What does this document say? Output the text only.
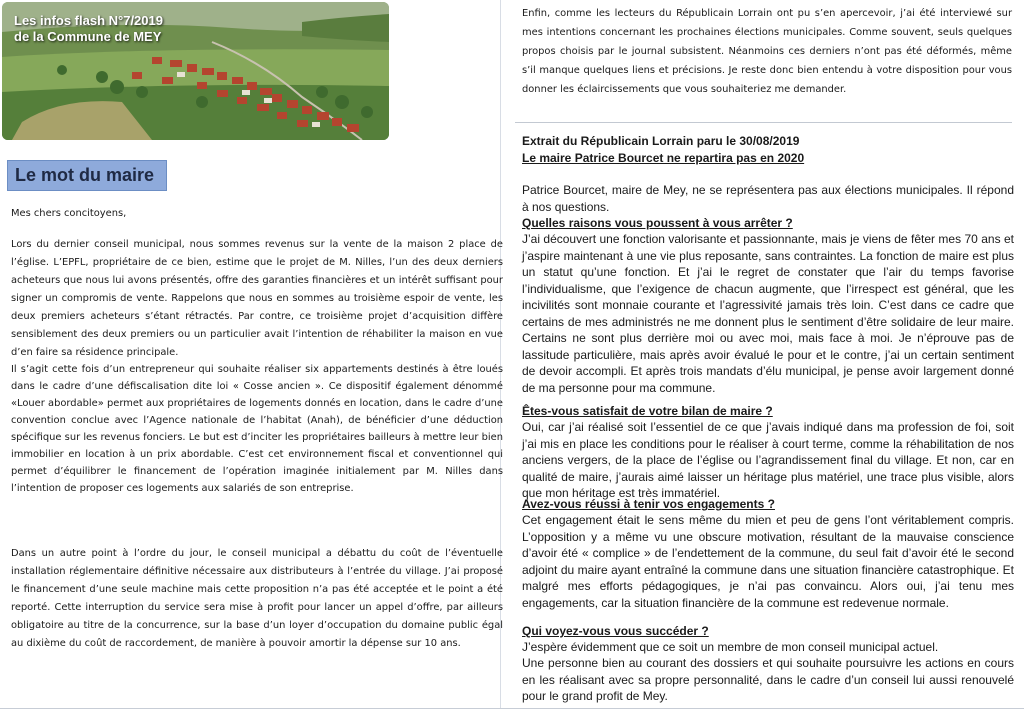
Les infos flash N°7/2019
de la Commune de MEY

Le mot du maire

Mes chers concitoyens,

Lors du dernier conseil municipal, nous sommes revenus sur la vente de la maison 2 place de l’église. L’EPFL, propriétaire de ce bien, estime que le projet de M. Nilles, l’un des deux derniers acheteurs que nous lui avons présentés, offre des garanties financières et un intérêt suffisant pour signer un compromis de vente. Rappelons que nous en sommes au troisième espoir de vente, les deux premiers acheteurs s’étant rétractés. Par contre, ce troisième projet d’acquisition diffère sensiblement des deux premiers ou un particulier avait l’intention de réhabiliter la maison en vue d’en faire sa résidence principale.

Il s’agit cette fois d’un entrepreneur qui souhaite réaliser six appartements destinés à être loués dans le cadre d’une défiscalisation dite loi « Cosse ancien ». Ce dispositif également dénommé «Louer abordable» permet aux propriétaires de logements donnés en location, dans le cadre d’une convention conclue avec l’Agence nationale de l’habitat (Anah), de bénéficier d’une déduction spécifique sur les revenus fonciers. Le but est d’inciter les propriétaires bailleurs à mettre leur bien immobilier en location à un prix abordable. C’est cet environnement fiscal et conventionnel qui permet d’équilibrer le financement de l’opération imaginée initialement par M. Nilles dans l’intention de proposer ces logements aux salariés de son entreprise.

Dans un autre point à l’ordre du jour, le conseil municipal a débattu du coût de l’éventuelle installation réglementaire définitive nécessaire aux distributeurs à l’entrée du village. J’ai proposé le financement d’une seule machine mais cette proposition n’a pas été acceptée et le point a été reporté. Cette interruption du service sera mise à profit pour lancer un appel d’offre, par ailleurs obligatoire au titre de la concurrence, sur la base d’un loyer d’occupation du domaine public égal au dixième du coût de raccordement, de manière à pouvoir amortir la dépense sur 10 ans.

Enfin, comme les lecteurs du Républicain Lorrain ont pu s’en apercevoir, j’ai été interviewé sur mes intentions concernant les prochaines élections municipales. Comme souvent, seuls quelques propos choisis par le journal subsistent. Néanmoins ces derniers n’ont pas été déformés, même s’il manque quelques liens et précisions. Je reste donc bien entendu à votre disposition pour vous donner les éclaircissements que vous souhaiteriez me demander.

Extrait du Républicain Lorrain paru le 30/08/2019

Le maire Patrice Bourcet ne repartira pas en 2020

Patrice Bourcet, maire de Mey, ne se représentera pas aux élections municipales. Il répond à nos questions.

Quelles raisons vous poussent à vous arrêter ?

J’ai découvert une fonction valorisante et passionnante, mais je viens de fêter mes 70 ans et j’aspire maintenant à une vie plus reposante, sans contraintes. La fonction de maire est plus un statut qu’une fonction. Et j’ai le regret de constater que l’air du temps favorise l’individualisme, que l’exigence de chacun augmente, que l’irrespect est général, que les incivilités sont monnaie courante et l’agressivité jamais très loin. C’est dans ce cadre que certains de mes administrés ne me donnent plus le sentiment d’être solidaire de leur maire. Certains ne sont plus derrière moi ou avec moi, mais face à moi. Je n’éprouve pas de lassitude particulière, mais après avoir évalué le pour et le contre, j’ai un certain sentiment de devoir accompli. Et après trois mandats d’élu municipal, je pense avoir largement donné de ma personne pour ma commune.

Êtes-vous satisfait de votre bilan de maire ?

Oui, car j’ai réalisé soit l’essentiel de ce que j’avais indiqué dans ma profession de foi, soit j’ai mis en place les conditions pour le réaliser à court terme, comme la réhabilitation de nos anciens vergers, de la place de l’église ou l’agrandissement final du village. Et non, car en qualité de maire, j’aurais aimé laisser un héritage plus matériel, une trace plus visible, alors que mon héritage est très immatériel.

Avez-vous réussi à tenir vos engagements ?

Cet engagement était le sens même du mien et peu de gens l’ont véritablement compris. L’opposition y a même vu une obscure motivation, résultant de la mauvaise conscience d’avoir été « complice » de l’endettement de la commune, du seul fait d’avoir été le second adjoint du maire ayant entraîné la commune dans une situation financière catastrophique. Et malgré mes efforts pédagogiques, je n’ai pas convaincu. Alors oui, j’ai tenu mes engagements, car la situation financière de la commune est redevenue normale.

Qui voyez-vous vous succéder ?

J’espère évidemment que ce soit un membre de mon conseil municipal actuel.

Une personne bien au courant des dossiers et qui souhaite poursuivre les actions en cours en les réalisant avec sa propre personnalité, dans le cadre d’un conseil lui aussi renouvelé pour le grand profit de Mey.
